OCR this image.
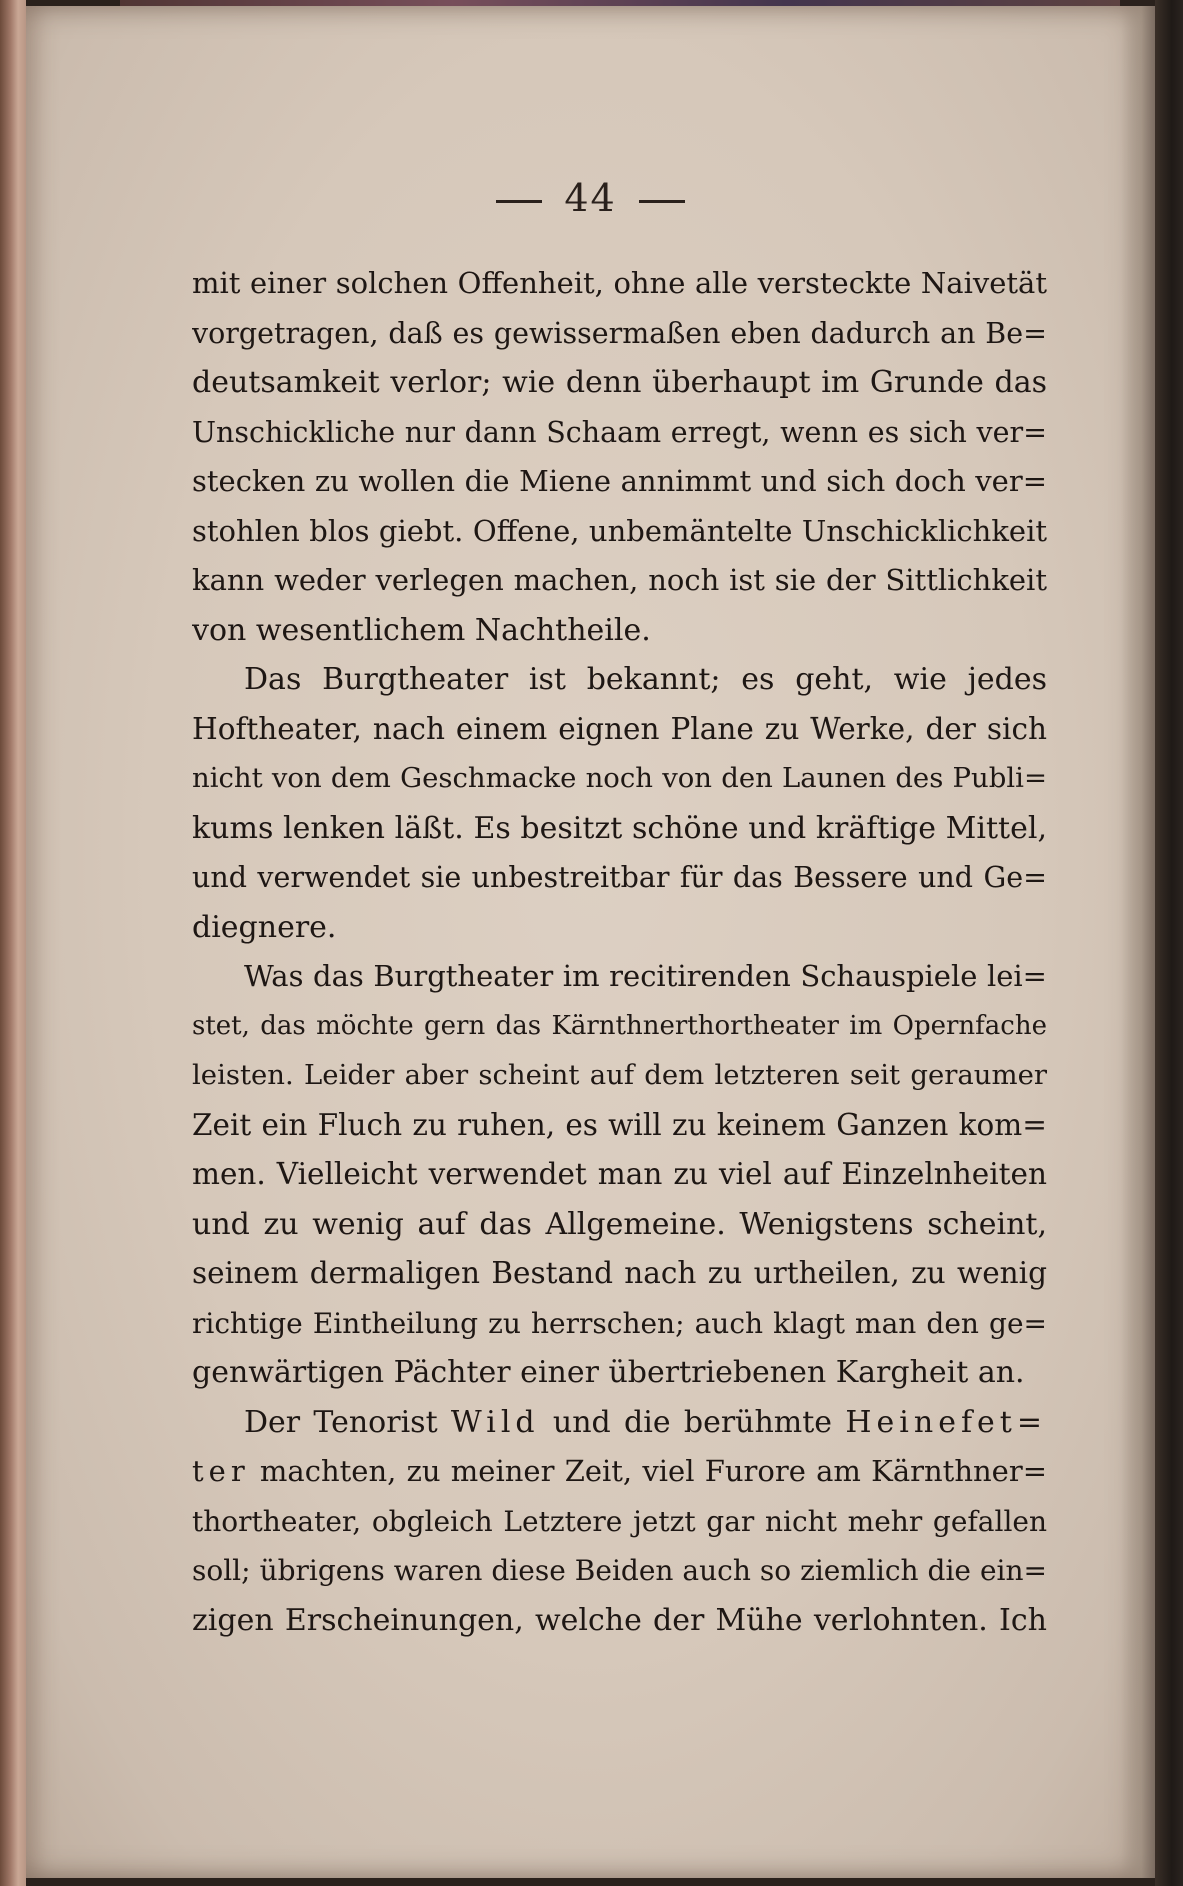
44
mit einer solchen Offenheit, ohne alle versteckte Naivetät
vorgetragen, daß es gewissermaßen eben dadurch an Be=
deutsamkeit verlor; wie denn überhaupt im Grunde das
Unschickliche nur dann Schaam erregt, wenn es sich ver=
stecken zu wollen die Miene annimmt und sich doch ver=
stohlen blos giebt. Offene, unbemäntelte Unschicklichkeit
kann weder verlegen machen, noch ist sie der Sittlichkeit
von wesentlichem Nachtheile.
Das Burgtheater ist bekannt; es geht, wie jedes
Hoftheater, nach einem eignen Plane zu Werke, der sich
nicht von dem Geschmacke noch von den Launen des Publi=
kums lenken läßt. Es besitzt schöne und kräftige Mittel,
und verwendet sie unbestreitbar für das Bessere und Ge=
diegnere.
Was das Burgtheater im recitirenden Schauspiele lei=
stet, das möchte gern das Kärnthnerthortheater im Opernfache
leisten. Leider aber scheint auf dem letzteren seit geraumer
Zeit ein Fluch zu ruhen, es will zu keinem Ganzen kom=
men. Vielleicht verwendet man zu viel auf Einzelnheiten
und zu wenig auf das Allgemeine. Wenigstens scheint,
seinem dermaligen Bestand nach zu urtheilen, zu wenig
richtige Eintheilung zu herrschen; auch klagt man den ge=
genwärtigen Pächter einer übertriebenen Kargheit an.
Der Tenorist Wild und die berühmte Heinefet=
ter machten, zu meiner Zeit, viel Furore am Kärnthner=
thortheater, obgleich Letztere jetzt gar nicht mehr gefallen
soll; übrigens waren diese Beiden auch so ziemlich die ein=
zigen Erscheinungen, welche der Mühe verlohnten. Ich
